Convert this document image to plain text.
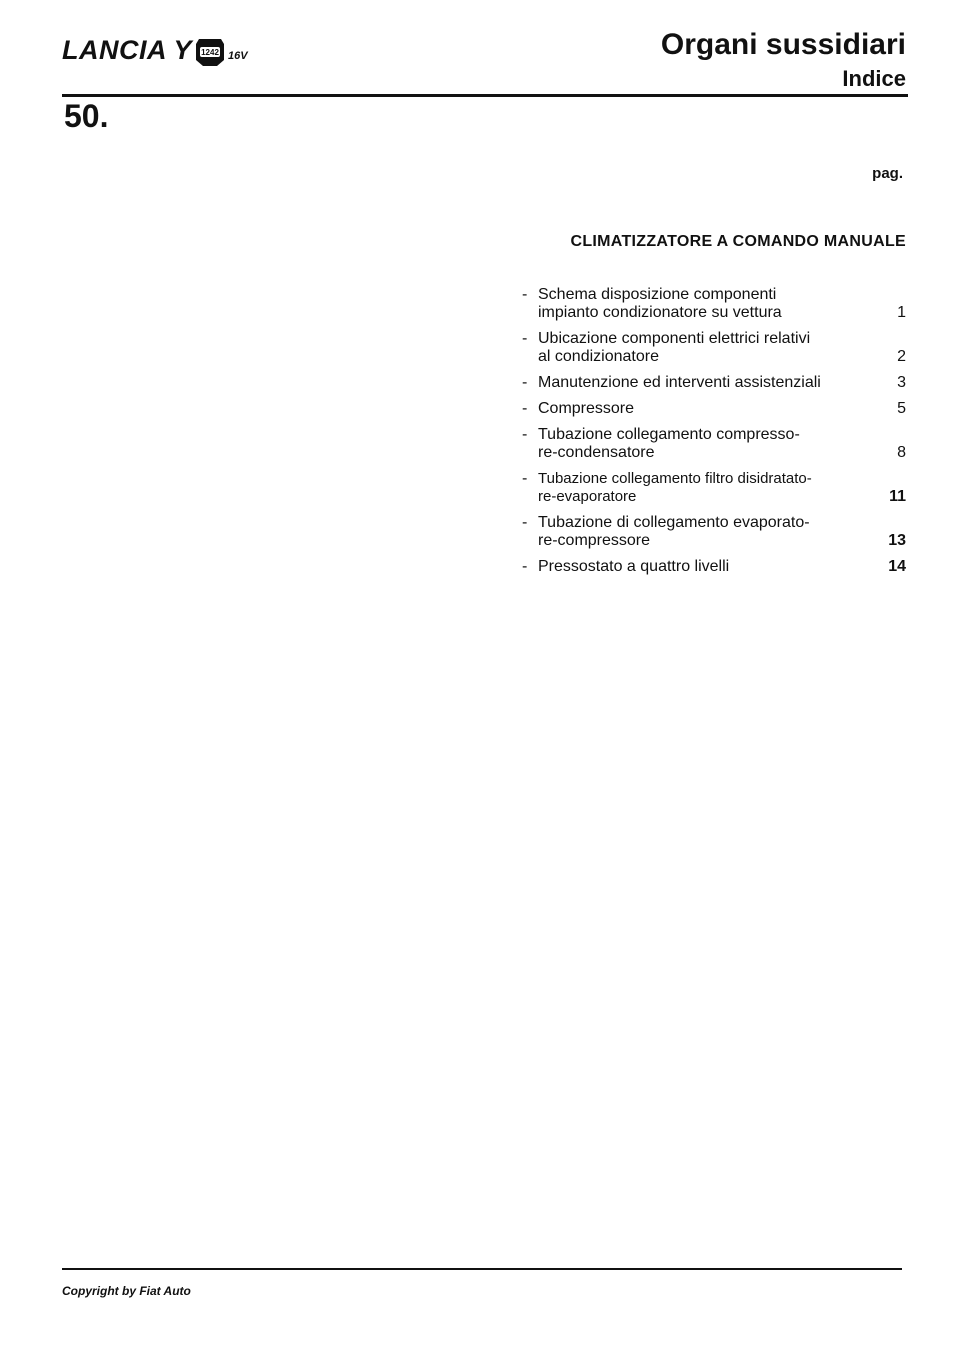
LANCIA Y 1242 16V	Organi sussidiari
Indice
50.
pag.
CLIMATIZZATORE A COMANDO MANUALE
- Schema disposizione componenti
impianto condizionatore su vettura	1
- Ubicazione componenti elettrici relativi
al condizionatore	2
- Manutenzione ed interventi assistenziali	3
- Compressore	5
- Tubazione collegamento compresso-
re-condensatore	8
- Tubazione collegamento filtro disidratato-
re-evaporatore	11
- Tubazione di collegamento evaporato-
re-compressore	13
- Pressostato a quattro livelli	14
Copyright by Fiat Auto
